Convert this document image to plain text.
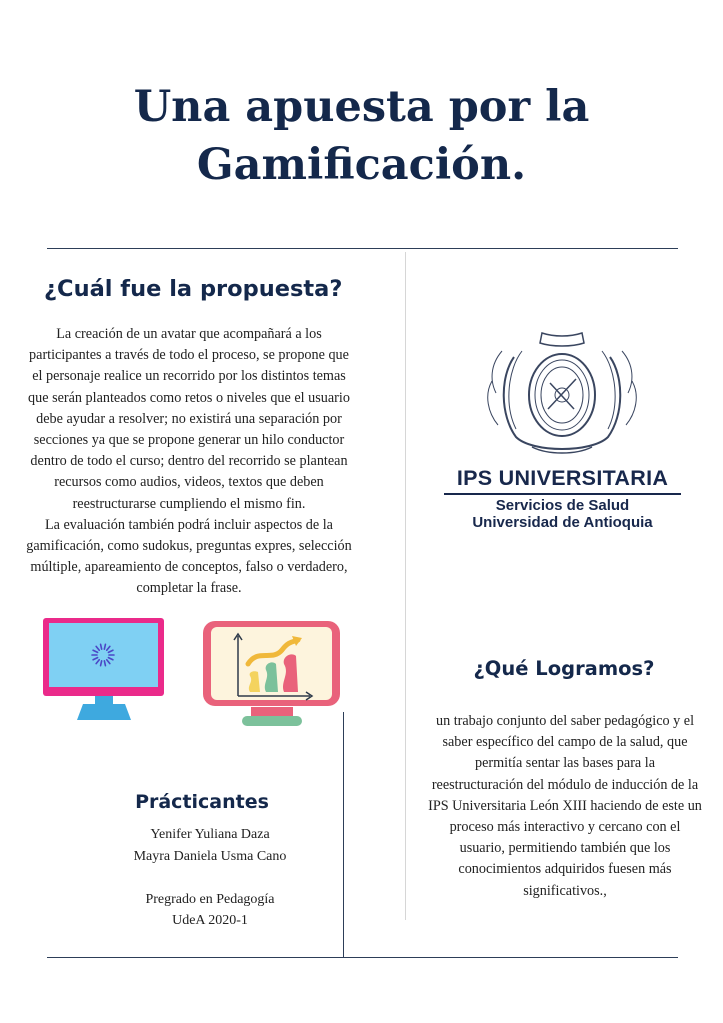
Una apuesta por la
Gamificación.
¿Cuál fue la propuesta?
La creación de un avatar que acompañará a los
participantes a través de todo el proceso, se propone que
el personaje realice un recorrido por los distintos temas
que serán planteados como retos o niveles que el usuario
debe ayudar a resolver; no existirá una separación por
secciones ya que se propone generar un hilo conductor
dentro de todo el curso; dentro del recorrido se plantean
recursos como audios, videos, textos que deben
reestructurarse cumpliendo el mismo fin.
La evaluación también podrá incluir aspectos de la
gamificación, como sudokus, preguntas expres, selección
múltiple, apareamiento de conceptos, falso o verdadero,
completar la frase.
Prácticantes
Yenifer Yuliana Daza
Mayra Daniela Usma Cano
Pregrado en Pedagogía
UdeA 2020-1
IPS UNIVERSITARIA
Servicios de Salud
Universidad de Antioquia
¿Qué Logramos?
un trabajo conjunto del saber pedagógico y el
saber específico del campo de la salud, que
permitía sentar las bases para la
reestructuración del módulo de inducción de la
IPS Universitaria León XIII haciendo de este un
proceso más interactivo y cercano con el
usuario, permitiendo también que los
conocimientos adquiridos fuesen más
significativos.,
